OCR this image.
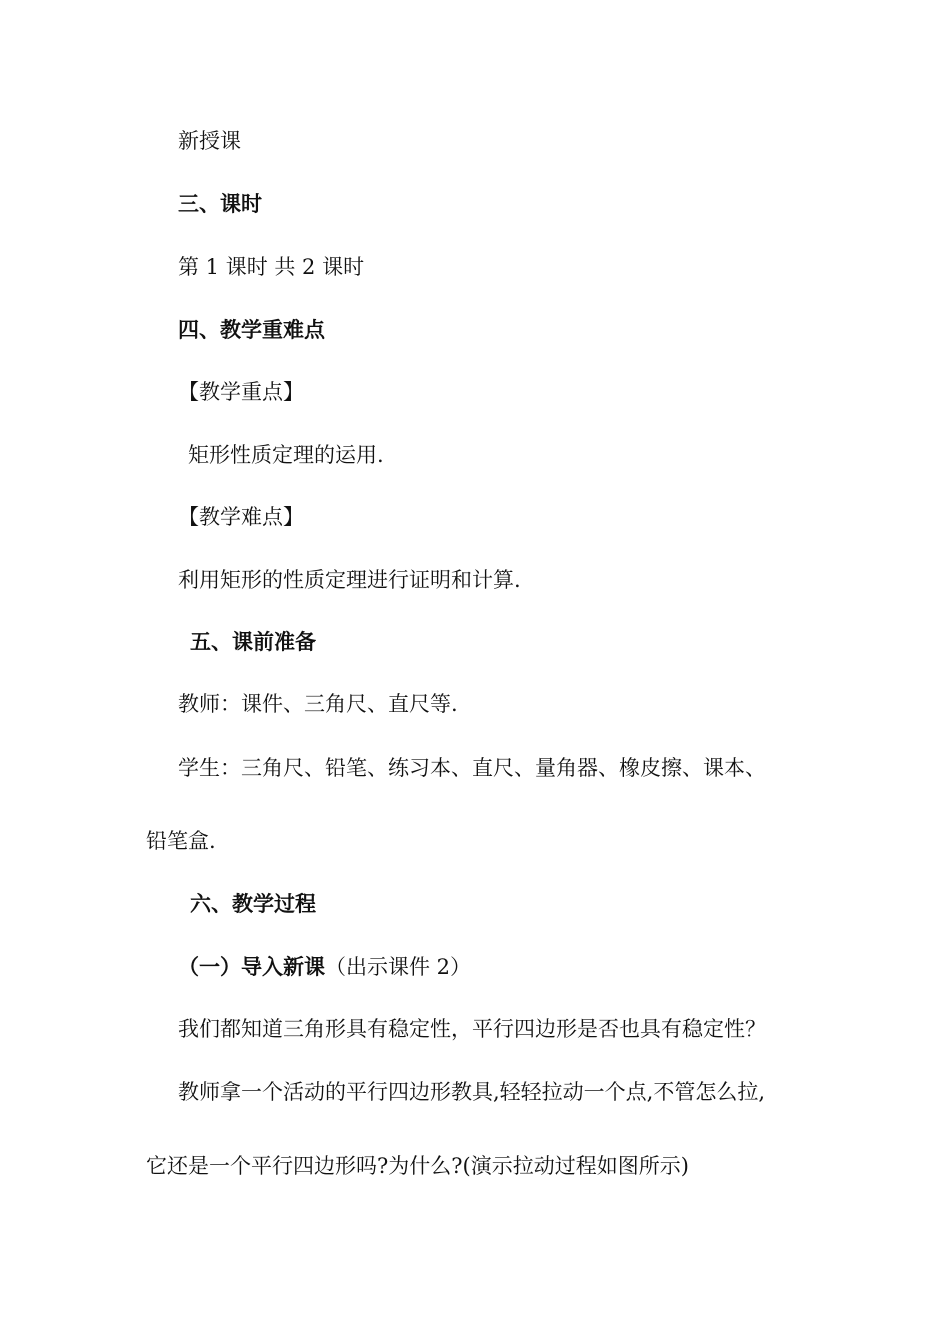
新授课
三、课时
第 1 课时 共 2 课时
四、教学重难点
【教学重点】
矩形性质定理的运用.
【教学难点】
利用矩形的性质定理进行证明和计算.
五、课前准备
教师：课件、三角尺、直尺等.
学生：三角尺、铅笔、练习本、直尺、量角器、橡皮擦、课本、
铅笔盒.
六、教学过程
（一）导入新课（出示课件 2）
我们都知道三角形具有稳定性，平行四边形是否也具有稳定性？
教师拿一个活动的平行四边形教具,轻轻拉动一个点,不管怎么拉,
它还是一个平行四边形吗?为什么?(演示拉动过程如图所示)
